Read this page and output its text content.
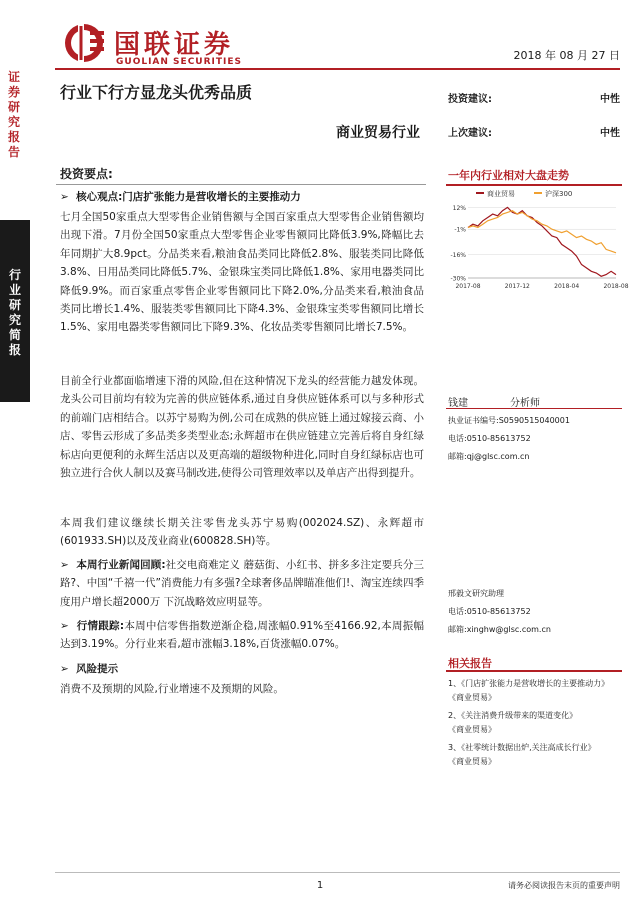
国联证券
GUOLIAN SECURITIES	2018 年 08 月 27 日
证券研究报告
行业研究简报
行业下行方显龙头优秀品质
商业贸易行业
投资建议:	中性
上次建议:	中性
投资要点:
➢  核心观点:门店扩张能力是营收增长的主要推动力
七月全国50家重点大型零售企业销售额与全国百家重点大型零售企业销售额均出现下滑。7月份全国50家重点大型零售企业零售额同比降低3.9%,降幅比去年同期扩大8.9pct。分品类来看,粮油食品类同比降低2.8%、服装类同比降低3.8%、日用品类同比降低5.7%、金银珠宝类同比降低1.8%、家用电器类同比降低9.9%。而百家重点零售企业零售额同比下降2.0%,分品类来看,粮油食品类同比增长1.4%、服装类零售额同比下降4.3%、金银珠宝类零售额同比增长1.5%、家用电器类零售额同比下降9.3%、化妆品类零售额同比增长7.5%。
目前全行业都面临增速下滑的风险,但在这种情况下龙头的经营能力越发体现。龙头公司目前均有较为完善的供应链体系,通过自身供应链体系可以与多种形式的前端门店相结合。以苏宁易购为例,公司在成熟的供应链上通过嫁接云商、小店、零售云形成了多品类多类型业态;永辉超市在供应链建立完善后将自身红绿标店向更便利的永辉生活店以及更高端的超级物种进化,同时自身红绿标店也可独立进行合伙人制以及赛马制改进,使得公司管理效率以及单店产出得到提升。
本周我们建议继续长期关注零售龙头苏宁易购(002024.SZ)、永辉超市(601933.SH)以及茂业商业(600828.SH)等。
➢  本周行业新闻回顾:社交电商难定义 蘑菇街、小红书、拼多多注定要兵分三路?、中国“千禧一代”消费能力有多强?全球奢侈品牌瞄准他们!、淘宝连续四季度用户增长超2000万 下沉战略效应明显等。
➢  行情跟踪:本周中信零售指数逆渐企稳,周涨幅0.91%至4166.92,本周振幅达到3.19%。分行业来看,超市涨幅3.18%,百货涨幅0.07%。
➢  风险提示
消费不及预期的风险,行业增速不及预期的风险。
一年内行业相对大盘走势
商业贸易	沪深300
12%
-1%
-16%
-30%
2017-08	2017-12	2018-04	2018-08
钱建	分析师
执业证书编号:S0590515040001
电话:0510-85613752
邮箱:qj@glsc.com.cn
邢毅文研究助理
电话:0510-85613752
邮箱:xinghw@glsc.com.cn
相关报告
1、《门店扩张能力是营收增长的主要推动力》
《商业贸易》
2、《关注消费升级带来的渠道变化》
《商业贸易》
3、《社零统计数据出炉,关注高成长行业》
《商业贸易》
1	请务必阅读报告末页的重要声明
